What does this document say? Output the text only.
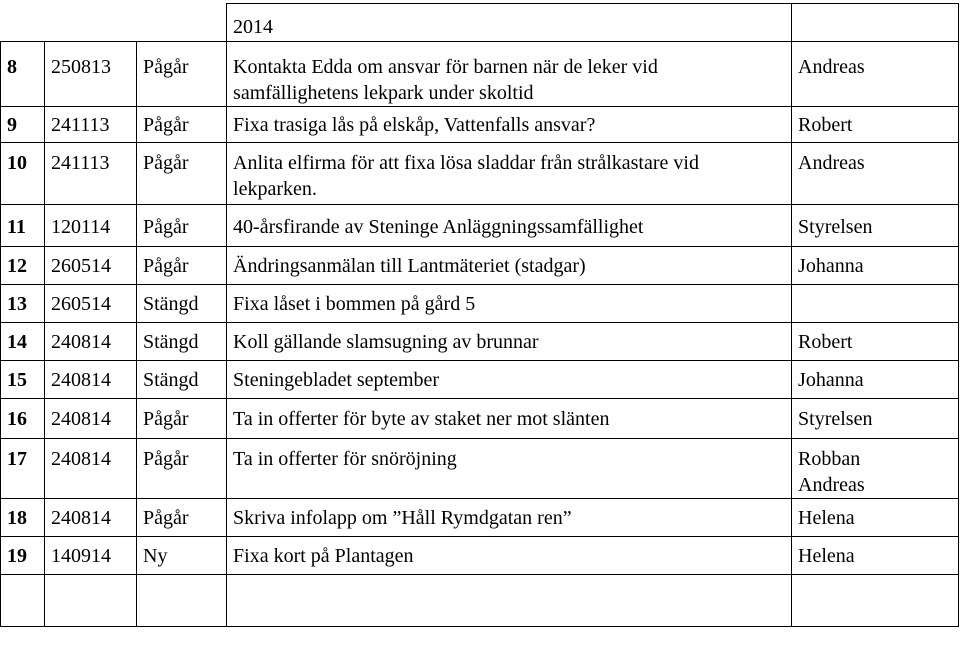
			2014	
8	250813	Pågår	Kontakta Edda om ansvar för barnen när de leker vid
samfällighetens lekpark under skoltid	Andreas

9	241113	Pågår	Fixa trasiga lås på elskåp, Vattenfalls ansvar?	Robert

10	241113	Pågår	Anlita elfirma för att fixa lösa sladdar från strålkastare vid
lekparken.	Andreas

11	120114	Pågår	40-årsfirande av Steninge Anläggningssamfällighet	Styrelsen

12	260514	Pågår	Ändringsanmälan till Lantmäteriet (stadgar)	Johanna

13	260514	Stängd	Fixa låset i bommen på gård 5	

14	240814	Stängd	Koll gällande slamsugning av brunnar	Robert

15	240814	Stängd	Steningebladet september	Johanna

16	240814	Pågår	Ta in offerter för byte av staket ner mot slänten	Styrelsen

17	240814	Pågår	Ta in offerter för snöröjning	Robban
Andreas

18	240814	Pågår	Skriva infolapp om ”Håll Rymdgatan ren”	Helena

19	140914	Ny	Fixa kort på Plantagen	Helena
